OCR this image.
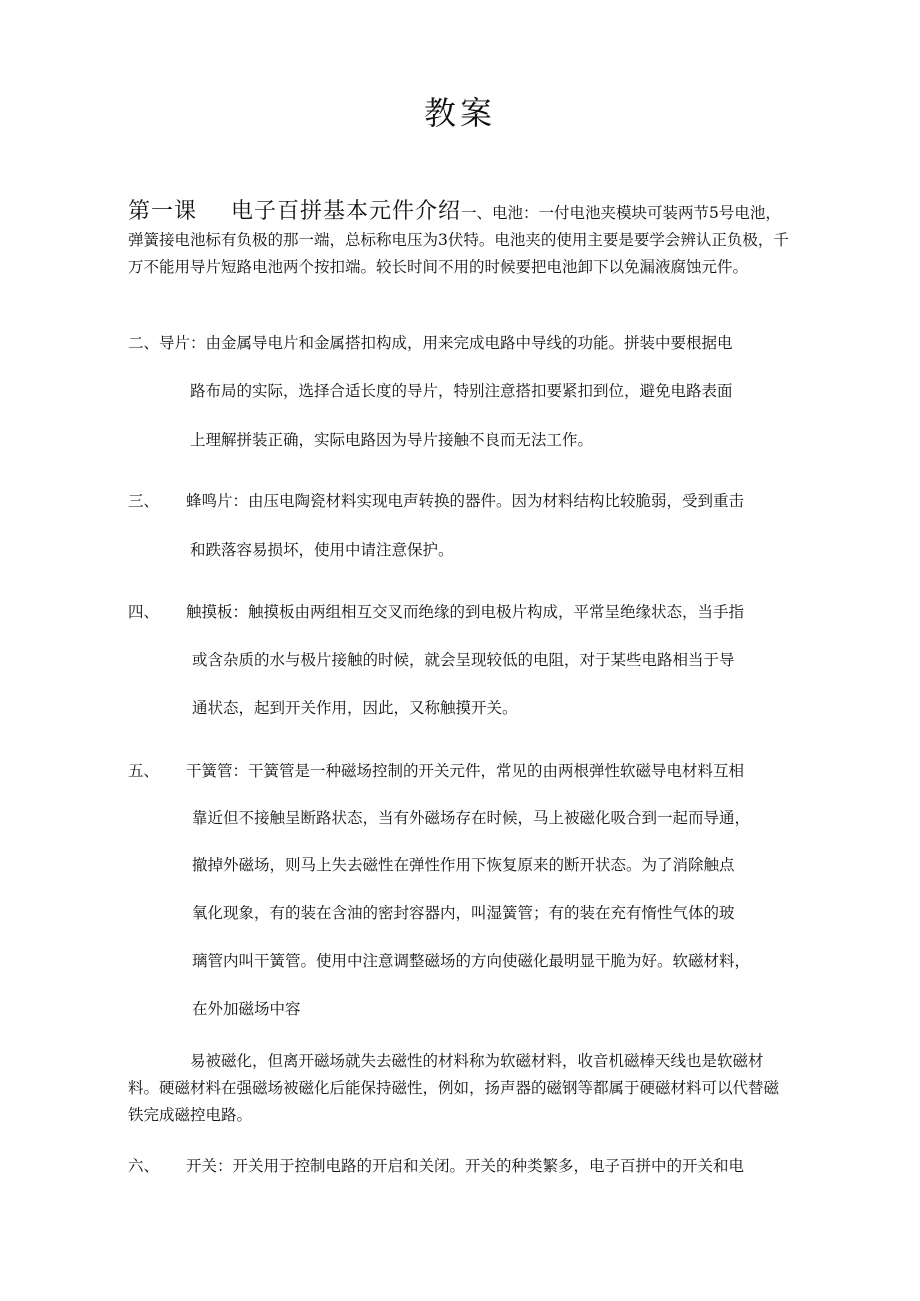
教案
第一课 电子百拼基本元件介绍一、电池：一付电池夹模块可装两节5号电池，弹簧接电池标有负极的那一端，总标称电压为3伏特。电池夹的使用主要是要学会辨认正负极，千万不能用导片短路电池两个按扣端。较长时间不用的时候要把电池卸下以免漏液腐蚀元件。
二、导片：由金属导电片和金属搭扣构成，用来完成电路中导线的功能。拼装中要根据电
路布局的实际，选择合适长度的导片，特别注意搭扣要紧扣到位，避免电路表面
上理解拼装正确，实际电路因为导片接触不良而无法工作。
三、 蜂鸣片：由压电陶瓷材料实现电声转换的器件。因为材料结构比较脆弱，受到重击
和跌落容易损坏，使用中请注意保护。
四、 触摸板：触摸板由两组相互交叉而绝缘的到电极片构成，平常呈绝缘状态，当手指
或含杂质的水与极片接触的时候，就会呈现较低的电阻，对于某些电路相当于导
通状态，起到开关作用，因此，又称触摸开关。
五、 干簧管：干簧管是一种磁场控制的开关元件，常见的由两根弹性软磁导电材料互相
靠近但不接触呈断路状态，当有外磁场存在时候，马上被磁化吸合到一起而导通，
撤掉外磁场，则马上失去磁性在弹性作用下恢复原来的断开状态。为了消除触点
氧化现象，有的装在含油的密封容器内，叫湿簧管；有的装在充有惰性气体的玻
璃管内叫干簧管。使用中注意调整磁场的方向使磁化最明显干脆为好。软磁材料，
在外加磁场中容
易被磁化，但离开磁场就失去磁性的材料称为软磁材料，收音机磁棒天线也是软磁材料。硬磁材料在强磁场被磁化后能保持磁性，例如，扬声器的磁钢等都属于硬磁材料可以代替磁铁完成磁控电路。
六、 开关：开关用于控制电路的开启和关闭。开关的种类繁多，电子百拼中的开关和电
